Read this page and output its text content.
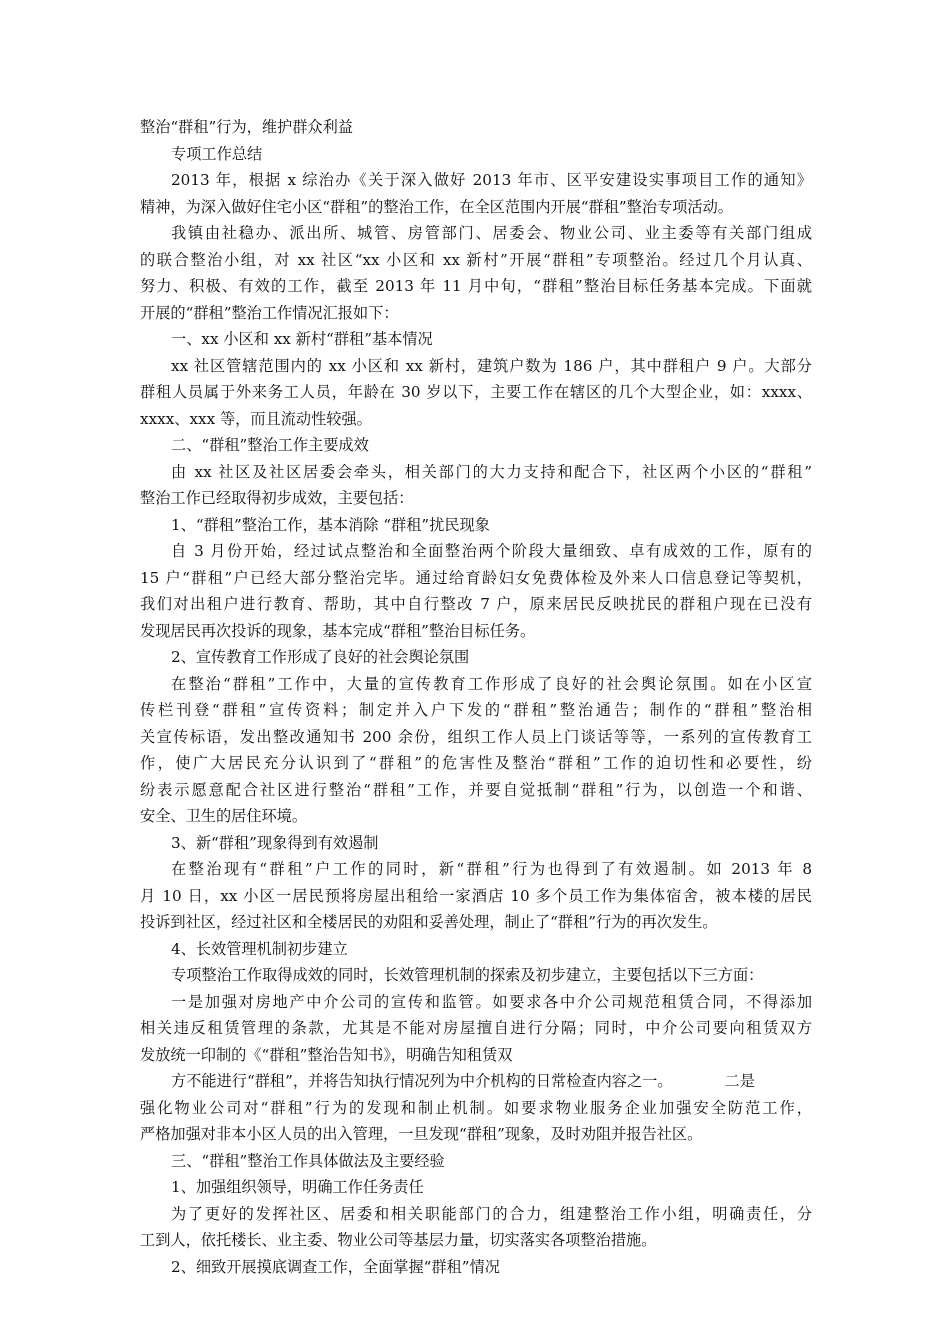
整治“群租”行为，维护群众利益
专项工作总结
2013 年，根据 x 综治办《关于深入做好 2013 年市、区平安建设实事项目工作的通知》
精神，为深入做好住宅小区“群租”的整治工作，在全区范围内开展“群租”整治专项活动。
我镇由社稳办、派出所、城管、房管部门、居委会、物业公司、业主委等有关部门组成
的联合整治小组，对 xx 社区“xx 小区和 xx 新村”开展“群租”专项整治。经过几个月认真、
努力、积极、有效的工作，截至 2013 年 11 月中旬，“群租”整治目标任务基本完成。下面就
开展的“群租”整治工作情况汇报如下：
一、xx 小区和 xx 新村“群租”基本情况
xx 社区管辖范围内的 xx 小区和 xx 新村，建筑户数为 186 户，其中群租户 9 户。大部分
群租人员属于外来务工人员，年龄在 30 岁以下，主要工作在辖区的几个大型企业，如：xxxx、
xxxx、xxx 等，而且流动性较强。
二、“群租”整治工作主要成效
由 xx 社区及社区居委会牵头，相关部门的大力支持和配合下，社区两个小区的“群租”
整治工作已经取得初步成效，主要包括：
1、“群租”整治工作，基本消除 “群租”扰民现象
自 3 月份开始，经过试点整治和全面整治两个阶段大量细致、卓有成效的工作，原有的
15 户“群租”户已经大部分整治完毕。通过给育龄妇女免费体检及外来人口信息登记等契机，
我们对出租户进行教育、帮助，其中自行整改 7 户，原来居民反映扰民的群租户现在已没有
发现居民再次投诉的现象，基本完成“群租”整治目标任务。
2、宣传教育工作形成了良好的社会舆论氛围
在整治“群租”工作中，大量的宣传教育工作形成了良好的社会舆论氛围。如在小区宣
传栏刊登“群租”宣传资料；制定并入户下发的“群租”整治通告；制作的“群租”整治相
关宣传标语，发出整改通知书 200 余份，组织工作人员上门谈话等等，一系列的宣传教育工
作，使广大居民充分认识到了“群租”的危害性及整治“群租”工作的迫切性和必要性，纷
纷表示愿意配合社区进行整治“群租”工作，并要自觉抵制“群租”行为，以创造一个和谐、
安全、卫生的居住环境。
3、新“群租”现象得到有效遏制
在整治现有“群租”户工作的同时，新“群租”行为也得到了有效遏制。如 2013 年 8
月 10 日，xx 小区一居民预将房屋出租给一家酒店 10 多个员工作为集体宿舍，被本楼的居民
投诉到社区，经过社区和全楼居民的劝阻和妥善处理，制止了“群租”行为的再次发生。
4、长效管理机制初步建立
专项整治工作取得成效的同时，长效管理机制的探索及初步建立，主要包括以下三方面：
一是加强对房地产中介公司的宣传和监管。如要求各中介公司规范租赁合同，不得添加
相关违反租赁管理的条款，尤其是不能对房屋擅自进行分隔；同时，中介公司要向租赁双方
发放统一印制的《“群租”整治告知书》，明确告知租赁双
方不能进行“群租”，并将告知执行情况列为中介机构的日常检查内容之一。	二是
强化物业公司对“群租”行为的发现和制止机制。如要求物业服务企业加强安全防范工作，
严格加强对非本小区人员的出入管理，一旦发现“群租”现象，及时劝阻并报告社区。
三、“群租”整治工作具体做法及主要经验
1、加强组织领导，明确工作任务责任
为了更好的发挥社区、居委和相关职能部门的合力，组建整治工作小组，明确责任，分
工到人，依托楼长、业主委、物业公司等基层力量，切实落实各项整治措施。
2、细致开展摸底调查工作，全面掌握“群租”情况
